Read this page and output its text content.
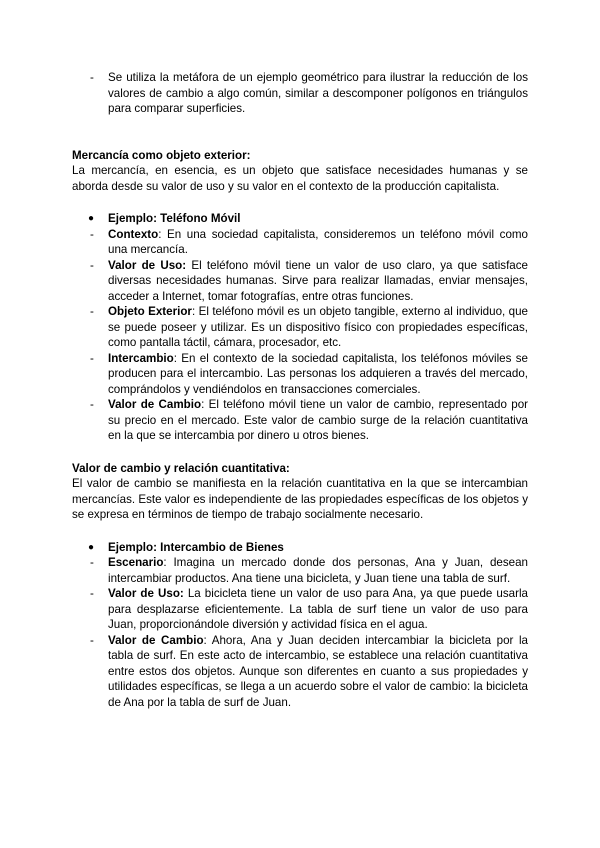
- Se utiliza la metáfora de un ejemplo geométrico para ilustrar la reducción de los valores de cambio a algo común, similar a descomponer polígonos en triángulos para comparar superficies.
Mercancía como objeto exterior:
La mercancía, en esencia, es un objeto que satisface necesidades humanas y se aborda desde su valor de uso y su valor en el contexto de la producción capitalista.
● Ejemplo: Teléfono Móvil
- Contexto: En una sociedad capitalista, consideremos un teléfono móvil como una mercancía.
- Valor de Uso: El teléfono móvil tiene un valor de uso claro, ya que satisface diversas necesidades humanas. Sirve para realizar llamadas, enviar mensajes, acceder a Internet, tomar fotografías, entre otras funciones.
- Objeto Exterior: El teléfono móvil es un objeto tangible, externo al individuo, que se puede poseer y utilizar. Es un dispositivo físico con propiedades específicas, como pantalla táctil, cámara, procesador, etc.
- Intercambio: En el contexto de la sociedad capitalista, los teléfonos móviles se producen para el intercambio. Las personas los adquieren a través del mercado, comprándolos y vendiéndolos en transacciones comerciales.
- Valor de Cambio: El teléfono móvil tiene un valor de cambio, representado por su precio en el mercado. Este valor de cambio surge de la relación cuantitativa en la que se intercambia por dinero u otros bienes.
Valor de cambio y relación cuantitativa:
El valor de cambio se manifiesta en la relación cuantitativa en la que se intercambian mercancías. Este valor es independiente de las propiedades específicas de los objetos y se expresa en términos de tiempo de trabajo socialmente necesario.
● Ejemplo: Intercambio de Bienes
- Escenario: Imagina un mercado donde dos personas, Ana y Juan, desean intercambiar productos. Ana tiene una bicicleta, y Juan tiene una tabla de surf.
- Valor de Uso: La bicicleta tiene un valor de uso para Ana, ya que puede usarla para desplazarse eficientemente. La tabla de surf tiene un valor de uso para Juan, proporcionándole diversión y actividad física en el agua.
- Valor de Cambio: Ahora, Ana y Juan deciden intercambiar la bicicleta por la tabla de surf. En este acto de intercambio, se establece una relación cuantitativa entre estos dos objetos. Aunque son diferentes en cuanto a sus propiedades y utilidades específicas, se llega a un acuerdo sobre el valor de cambio: la bicicleta de Ana por la tabla de surf de Juan.
